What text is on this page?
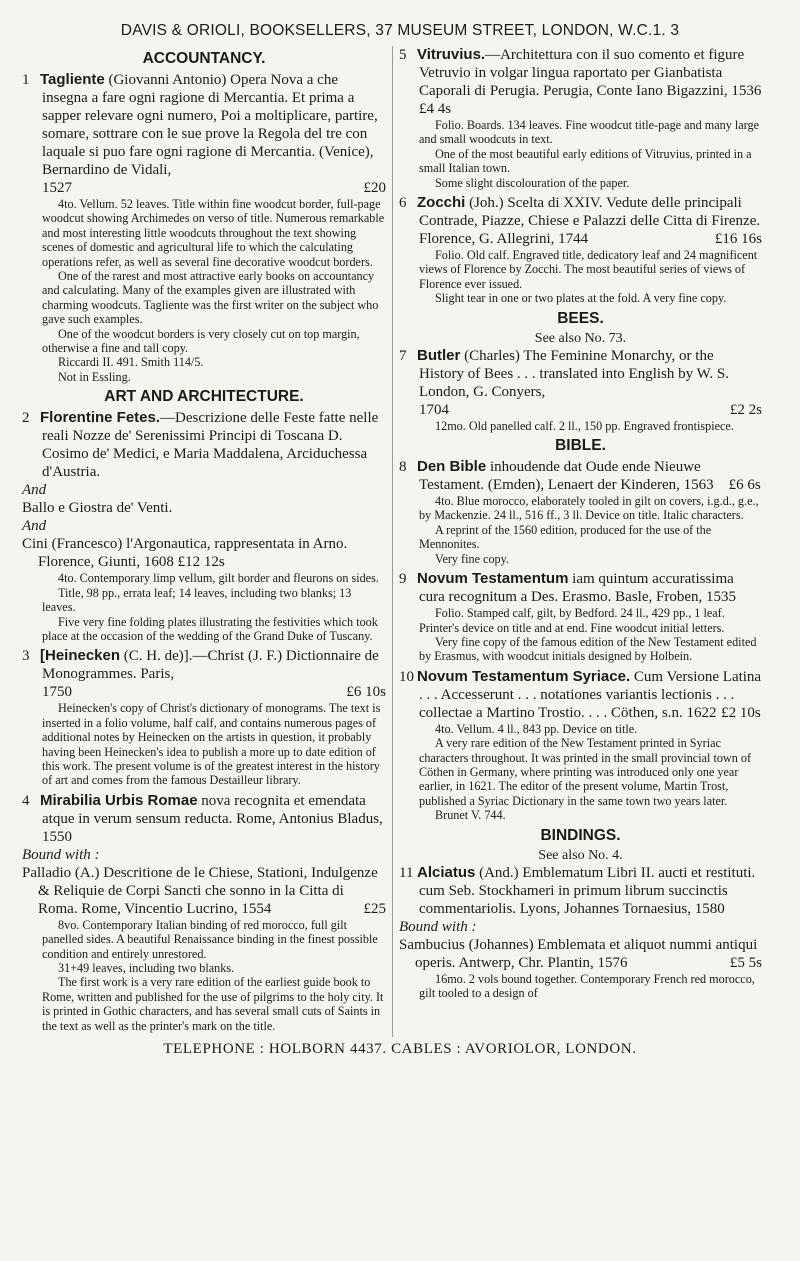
DAVIS & ORIOLI, BOOKSELLERS, 37 MUSEUM STREET, LONDON, W.C.1. 3
ACCOUNTANCY.
1 Tagliente (Giovanni Antonio) Opera Nova a che insegna a fare ogni ragione di Mercantia. Et prima a sapper relevare ogni numero, Poi a moltiplicare, partire, somare, sottrare con le sue prove la Regola del tre con laquale si puo fare ogni ragione di Mercantia. (Venice), Bernardino de Vidali,
1527	£20

4to. Vellum. 52 leaves. Title within fine woodcut border, full-page woodcut showing Archimedes on verso of title. Numerous remarkable and most interesting little woodcuts throughout the text showing scenes of domestic and agricultural life to which the calculating operations refer, as well as several fine decorative woodcut borders.

One of the rarest and most attractive early books on accountancy and calculating. Many of the examples given are illustrated with charming woodcuts. Tagliente was the first writer on the subject who gave such examples.

One of the woodcut borders is very closely cut on top margin, otherwise a fine and tall copy.

Riccardi II. 491. Smith 114/5.

Not in Essling.

ART AND ARCHITECTURE.
2 Florentine Fetes.—Descrizione delle Feste fatte nelle reali Nozze de' Serenissimi Principi di Toscana D. Cosimo de' Medici, e Maria Maddalena, Arciduchessa d'Austria.
And
Ballo e Giostra de' Venti.
And
Cini (Francesco) l'Argonautica, rappresentata in Arno. Florence, Giunti, 1608 £12 12s

4to. Contemporary limp vellum, gilt border and fleurons on sides.

Title, 98 pp., errata leaf; 14 leaves, including two blanks; 13 leaves.

Five very fine folding plates illustrating the festivities which took place at the occasion of the wedding of the Grand Duke of Tuscany.

3 [Heinecken (C. H. de)].—Christ (J. F.) Dictionnaire de Monogrammes. Paris,
1750	£6 10s

Heinecken's copy of Christ's dictionary of monograms. The text is inserted in a folio volume, half calf, and contains numerous pages of additional notes by Heinecken on the artists in question, it probably having been Heinecken's idea to publish a more up to date edition of this work. The present volume is of the greatest interest in the history of art and comes from the famous Destailleur library.

4 Mirabilia Urbis Romae nova recognita et emendata atque in verum sensum reducta. Rome, Antonius Bladus, 1550
Bound with :
Palladio (A.) Descritione de le Chiese, Stationi, Indulgenze & Reliquie de Corpi Sancti che sonno in la Citta di Roma. Rome, Vincentio Lucrino, 1554	£25

8vo. Contemporary Italian binding of red morocco, full gilt panelled sides. A beautiful Renaissance binding in the finest possible condition and entirely unrestored.

31+49 leaves, including two blanks.

The first work is a very rare edition of the earliest guide book to Rome, written and published for the use of pilgrims to the holy city. It is printed in Gothic characters, and has several small cuts of Saints in the text as well as the printer's mark on the title.

5 Vitruvius.—Architettura con il suo comento et figure Vetruvio in volgar lingua raportato per Gianbatista Caporali di Perugia. Perugia, Conte Iano Bigazzini, 1536 £4 4s

Folio. Boards. 134 leaves. Fine woodcut title-page and many large and small woodcuts in text.

One of the most beautiful early editions of Vitruvius, printed in a small Italian town.

Some slight discolouration of the paper.

6 Zocchi (Joh.) Scelta di XXIV. Vedute delle principali Contrade, Piazze, Chiese e Palazzi delle Citta di Firenze. Florence, G. Allegrini, 1744	£16 16s

Folio. Old calf. Engraved title, dedicatory leaf and 24 magnificent views of Florence by Zocchi. The most beautiful series of views of Florence ever issued.

Slight tear in one or two plates at the fold. A very fine copy.

BEES.
See also No. 73.
7 Butler (Charles) The Feminine Monarchy, or the History of Bees . . . translated into English by W. S. London, G. Conyers,
1704	£2 2s

12mo. Old panelled calf. 2 ll., 150 pp. Engraved frontispiece.

BIBLE.
8 Den Bible inhoudende dat Oude ende Nieuwe Testament. (Emden), Lenaert der Kinderen, 1563 £6 6s

4to. Blue morocco, elaborately tooled in gilt on covers, i.g.d., g.e., by Mackenzie. 24 ll., 516 ff., 3 ll. Device on title. Italic characters.

A reprint of the 1560 edition, produced for the use of the Mennonites.

Very fine copy.

9 Novum Testamentum iam quintum accuratissima cura recognitum a Des. Erasmo. Basle, Froben, 1535

Folio. Stamped calf, gilt, by Bedford. 24 ll., 429 pp., 1 leaf. Printer's device on title and at end. Fine woodcut initial letters.

Very fine copy of the famous edition of the New Testament edited by Erasmus, with woodcut initials designed by Holbein.

10 Novum Testamentum Syriace. Cum Versione Latina . . . Accesserunt . . . notationes variantis lectionis . . . collectae a Martino Trostio. . . . Cöthen, s.n. 1622 £2 10s

4to. Vellum. 4 ll., 843 pp. Device on title.

A very rare edition of the New Testament printed in Syriac characters throughout. It was printed in the small provincial town of Cöthen in Germany, where printing was introduced only one year earlier, in 1621. The editor of the present volume, Martin Trost, published a Syriac Dictionary in the same town two years later.

Brunet V. 744.

BINDINGS.
See also No. 4.
11 Alciatus (And.) Emblematum Libri II. aucti et restituti. cum Seb. Stockhameri in primum librum succinctis commentariolis. Lyons, Johannes Tornaesius, 1580
Bound with :
Sambucius (Johannes) Emblemata et aliquot nummi antiqui operis. Antwerp, Chr. Plantin, 1576	£5 5s

16mo. 2 vols bound together. Contemporary French red morocco, gilt tooled to a design of

TELEPHONE : HOLBORN 4437. CABLES : AVORIOLOR, LONDON.
